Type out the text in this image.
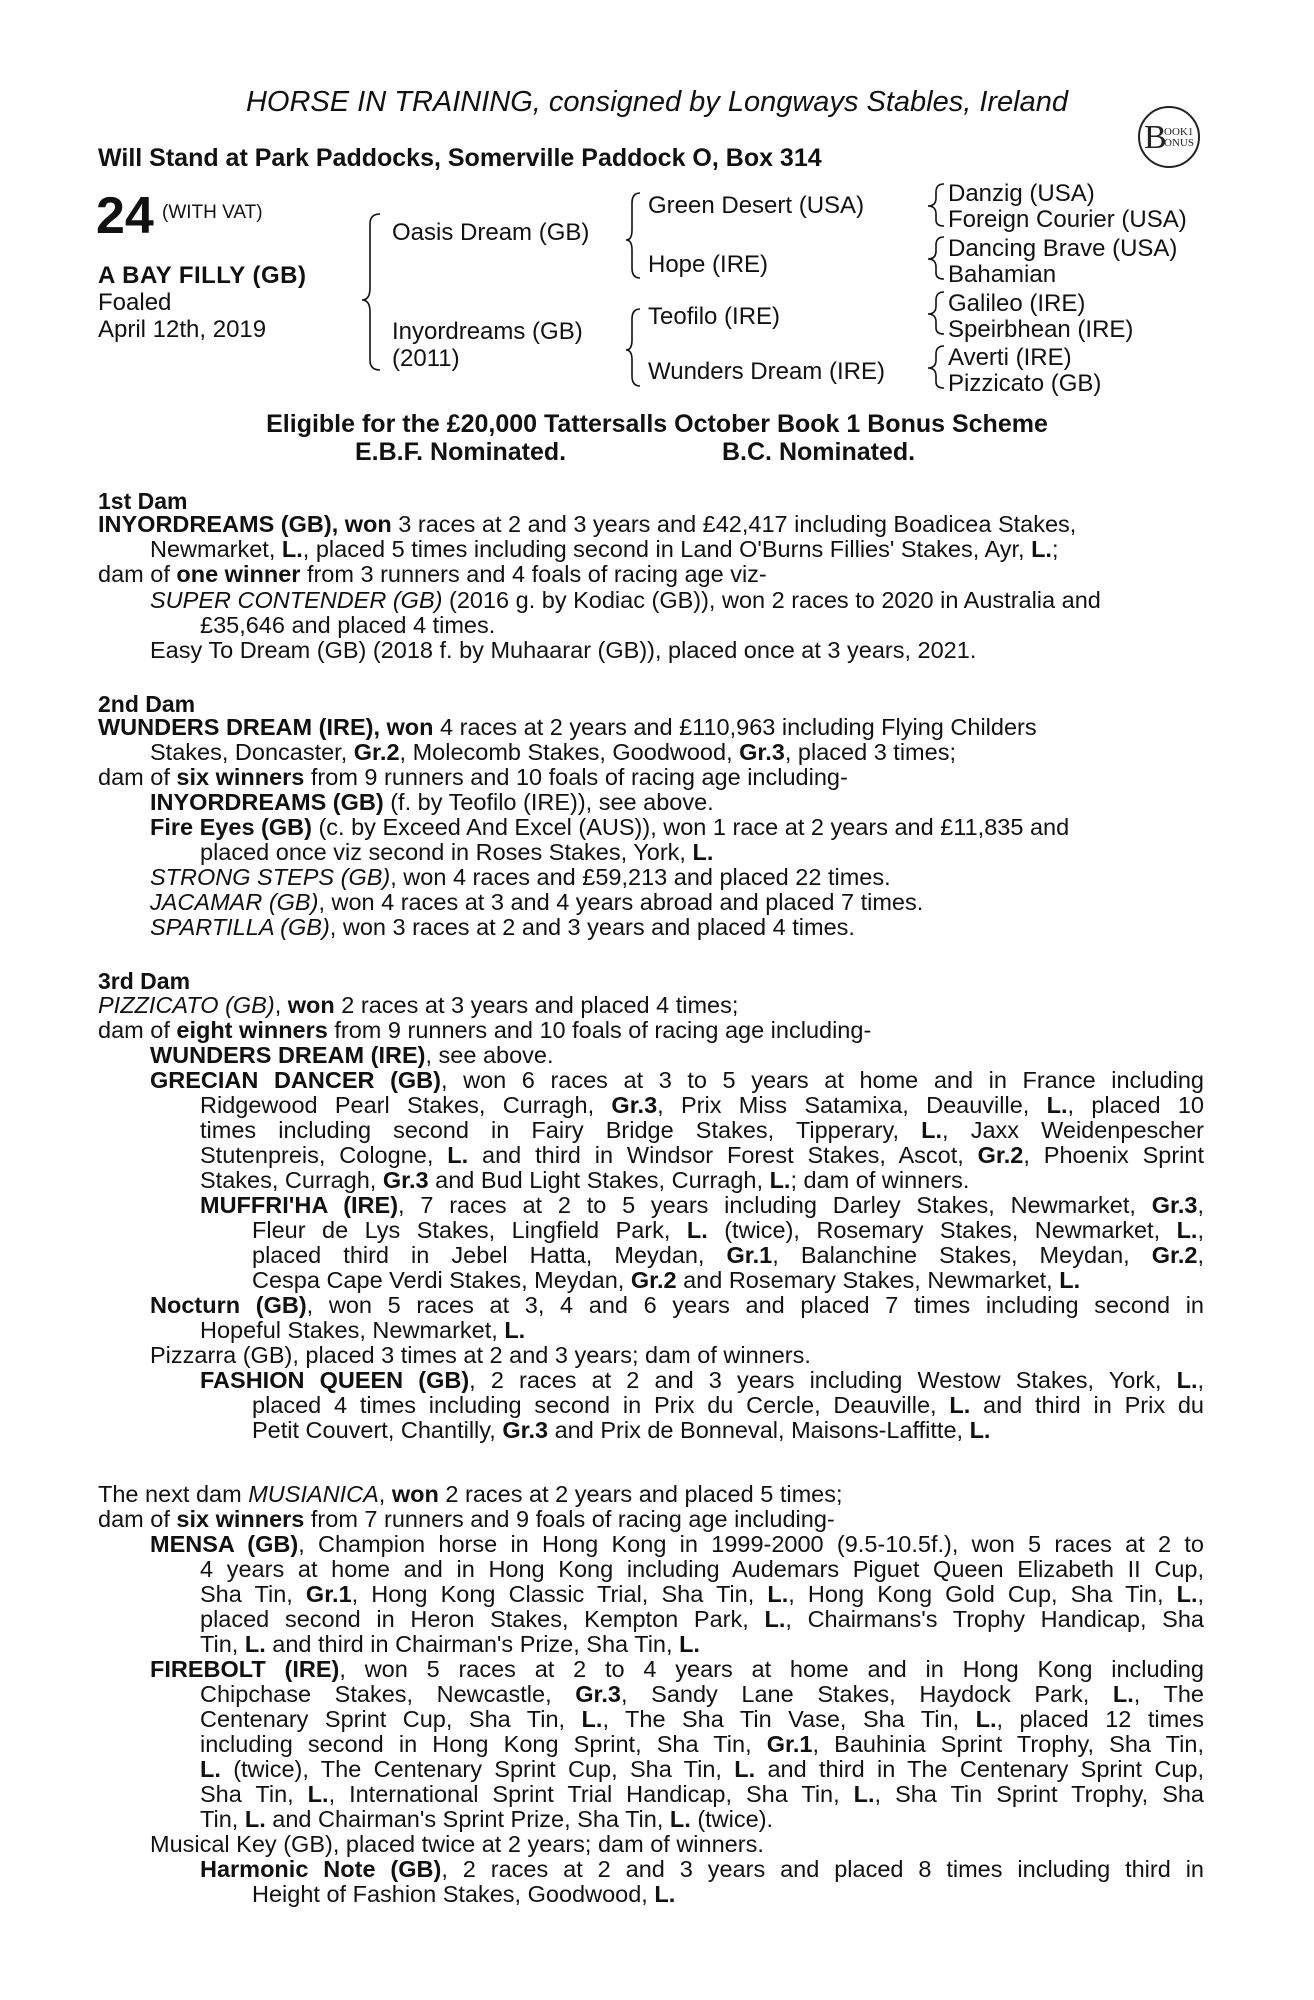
HORSE IN TRAINING, consigned by Longways Stables, Ireland
B
OOK1
ONUS
Will Stand at Park Paddocks, Somerville Paddock O, Box 314
24 (WITH VAT)
A BAY FILLY (GB)
Foaled
April 12th, 2019
Oasis Dream (GB)
Inyordreams (GB)
(2011)
Green Desert (USA)
Hope (IRE)
Teofilo (IRE)
Wunders Dream (IRE)
Danzig (USA)
Foreign Courier (USA)
Dancing Brave (USA)
Bahamian
Galileo (IRE)
Speirbhean (IRE)
Averti (IRE)
Pizzicato (GB)
Eligible for the £20,000 Tattersalls October Book 1 Bonus Scheme
E.B.F. Nominated.	B.C. Nominated.
1st Dam
INYORDREAMS (GB), won 3 races at 2 and 3 years and £42,417 including Boadicea Stakes,
Newmarket, L., placed 5 times including second in Land O'Burns Fillies' Stakes, Ayr, L.;
dam of one winner from 3 runners and 4 foals of racing age viz-
SUPER CONTENDER (GB) (2016 g. by Kodiac (GB)), won 2 races to 2020 in Australia and
£35,646 and placed 4 times.
Easy To Dream (GB) (2018 f. by Muhaarar (GB)), placed once at 3 years, 2021.
2nd Dam
WUNDERS DREAM (IRE), won 4 races at 2 years and £110,963 including Flying Childers
Stakes, Doncaster, Gr.2, Molecomb Stakes, Goodwood, Gr.3, placed 3 times;
dam of six winners from 9 runners and 10 foals of racing age including-
INYORDREAMS (GB) (f. by Teofilo (IRE)), see above.
Fire Eyes (GB) (c. by Exceed And Excel (AUS)), won 1 race at 2 years and £11,835 and
placed once viz second in Roses Stakes, York, L.
STRONG STEPS (GB), won 4 races and £59,213 and placed 22 times.
JACAMAR (GB), won 4 races at 3 and 4 years abroad and placed 7 times.
SPARTILLA (GB), won 3 races at 2 and 3 years and placed 4 times.
3rd Dam
PIZZICATO (GB), won 2 races at 3 years and placed 4 times;
dam of eight winners from 9 runners and 10 foals of racing age including-
WUNDERS DREAM (IRE), see above.
GRECIAN DANCER (GB), won 6 races at 3 to 5 years at home and in France including
Ridgewood Pearl Stakes, Curragh, Gr.3, Prix Miss Satamixa, Deauville, L., placed 10
times including second in Fairy Bridge Stakes, Tipperary, L., Jaxx Weidenpescher
Stutenpreis, Cologne, L. and third in Windsor Forest Stakes, Ascot, Gr.2, Phoenix Sprint
Stakes, Curragh, Gr.3 and Bud Light Stakes, Curragh, L.; dam of winners.
MUFFRI'HA (IRE), 7 races at 2 to 5 years including Darley Stakes, Newmarket, Gr.3,
Fleur de Lys Stakes, Lingfield Park, L. (twice), Rosemary Stakes, Newmarket, L.,
placed third in Jebel Hatta, Meydan, Gr.1, Balanchine Stakes, Meydan, Gr.2,
Cespa Cape Verdi Stakes, Meydan, Gr.2 and Rosemary Stakes, Newmarket, L.
Nocturn (GB), won 5 races at 3, 4 and 6 years and placed 7 times including second in
Hopeful Stakes, Newmarket, L.
Pizzarra (GB), placed 3 times at 2 and 3 years; dam of winners.
FASHION QUEEN (GB), 2 races at 2 and 3 years including Westow Stakes, York, L.,
placed 4 times including second in Prix du Cercle, Deauville, L. and third in Prix du
Petit Couvert, Chantilly, Gr.3 and Prix de Bonneval, Maisons-Laffitte, L.
The next dam MUSIANICA, won 2 races at 2 years and placed 5 times;
dam of six winners from 7 runners and 9 foals of racing age including-
MENSA (GB), Champion horse in Hong Kong in 1999-2000 (9.5-10.5f.), won 5 races at 2 to
4 years at home and in Hong Kong including Audemars Piguet Queen Elizabeth II Cup,
Sha Tin, Gr.1, Hong Kong Classic Trial, Sha Tin, L., Hong Kong Gold Cup, Sha Tin, L.,
placed second in Heron Stakes, Kempton Park, L., Chairmans's Trophy Handicap, Sha
Tin, L. and third in Chairman's Prize, Sha Tin, L.
FIREBOLT (IRE), won 5 races at 2 to 4 years at home and in Hong Kong including
Chipchase Stakes, Newcastle, Gr.3, Sandy Lane Stakes, Haydock Park, L., The
Centenary Sprint Cup, Sha Tin, L., The Sha Tin Vase, Sha Tin, L., placed 12 times
including second in Hong Kong Sprint, Sha Tin, Gr.1, Bauhinia Sprint Trophy, Sha Tin,
L. (twice), The Centenary Sprint Cup, Sha Tin, L. and third in The Centenary Sprint Cup,
Sha Tin, L., International Sprint Trial Handicap, Sha Tin, L., Sha Tin Sprint Trophy, Sha
Tin, L. and Chairman's Sprint Prize, Sha Tin, L. (twice).
Musical Key (GB), placed twice at 2 years; dam of winners.
Harmonic Note (GB), 2 races at 2 and 3 years and placed 8 times including third in
Height of Fashion Stakes, Goodwood, L.
